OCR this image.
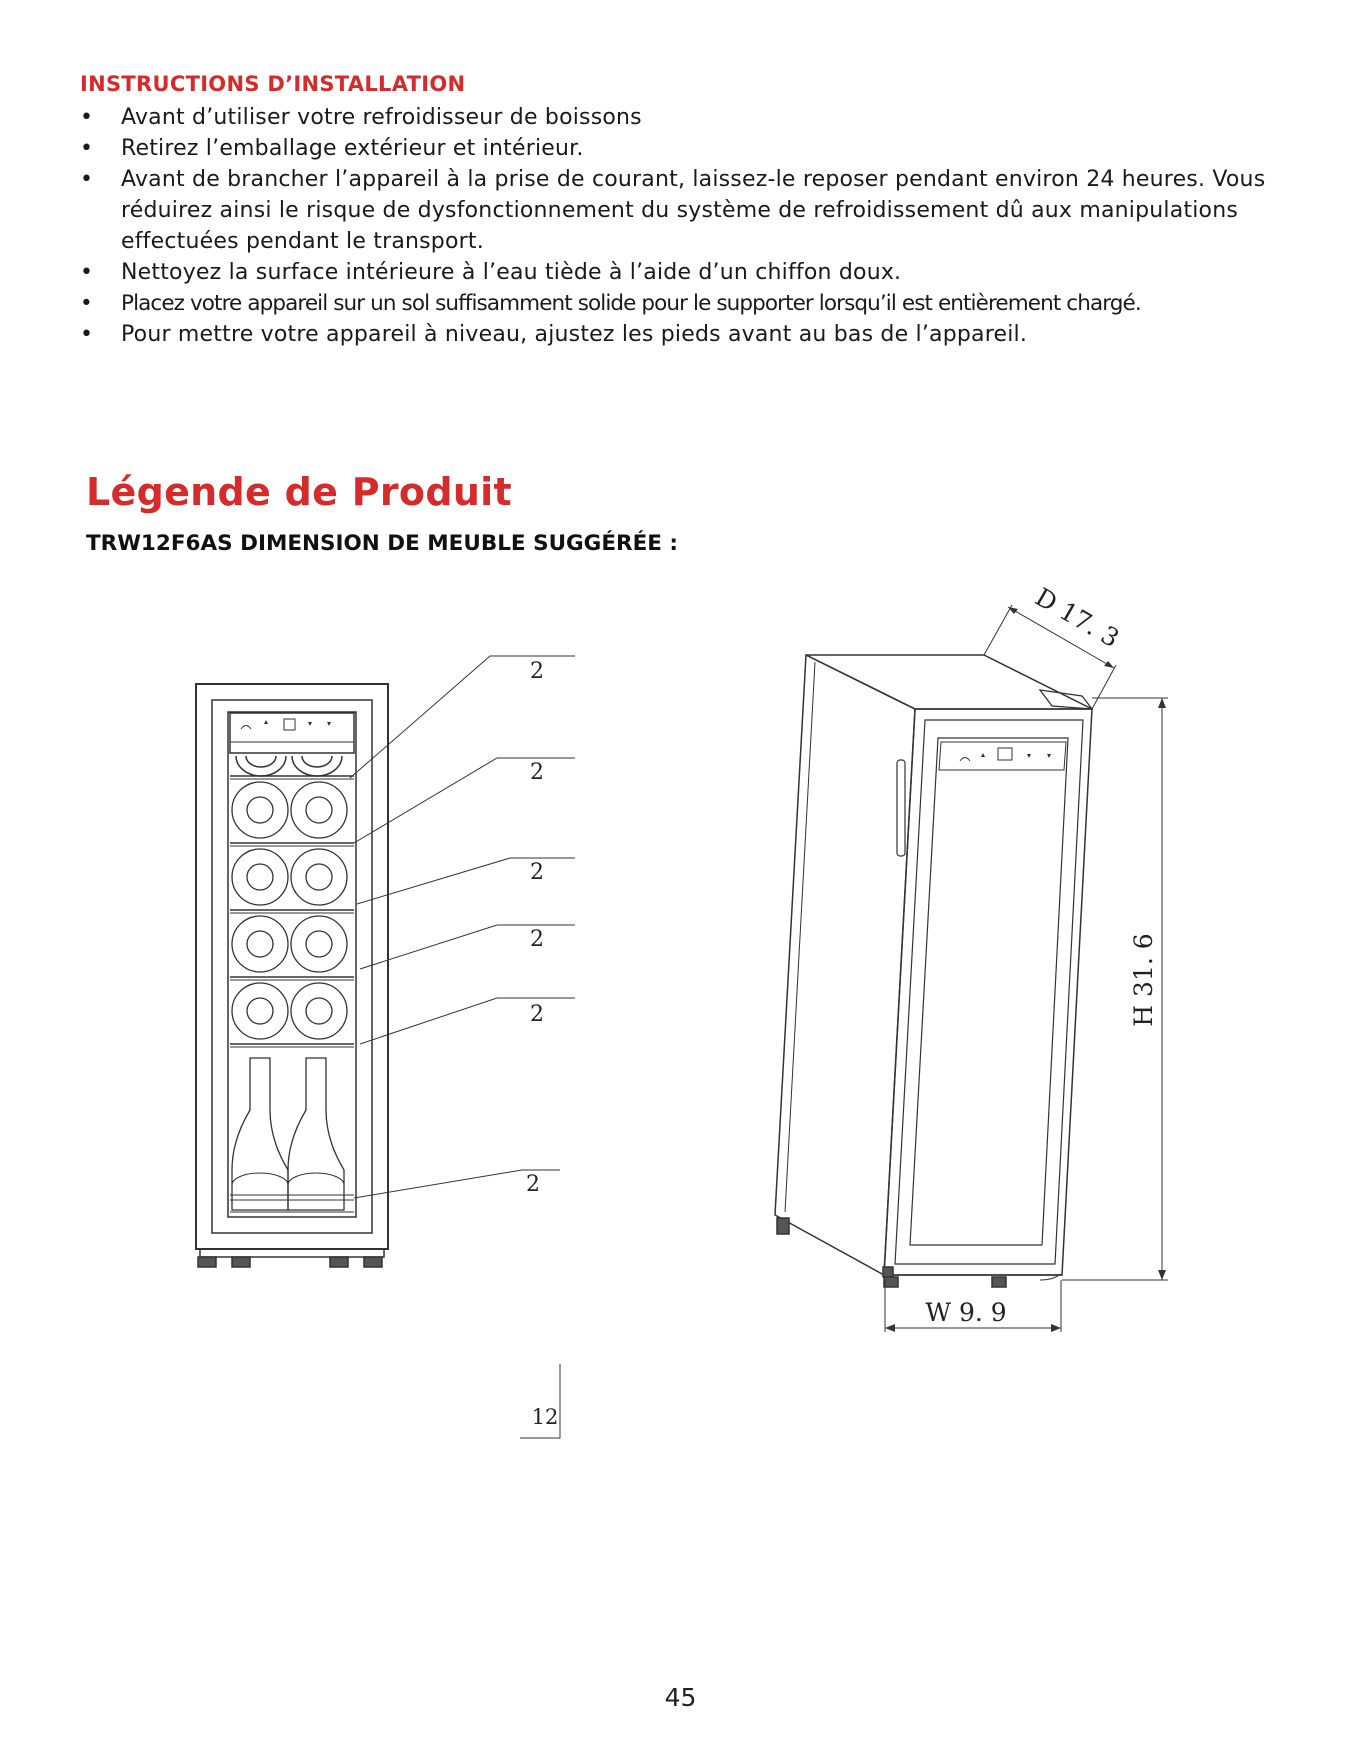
INSTRUCTIONS D’INSTALLATION
• Avant d’utiliser votre refroidisseur de boissons
• Retirez l’emballage extérieur et intérieur.
• Avant de brancher l’appareil à la prise de courant, laissez-le reposer pendant environ 24 heures. Vous réduirez ainsi le risque de dysfonctionnement du système de refroidissement dû aux manipulations effectuées pendant le transport.
• Nettoyez la surface intérieure à l’eau tiède à l’aide d’un chiffon doux.
• Placez votre appareil sur un sol suffisamment solide pour le supporter lorsqu’il est entièrement chargé.
• Pour mettre votre appareil à niveau, ajustez les pieds avant au bas de l’appareil.
Légende de Produit
TRW12F6AS DIMENSION DE MEUBLE SUGGÉRÉE :
2
2
2
2
2
2
12
D 17. 3
H 31. 6
W 9. 9
45
